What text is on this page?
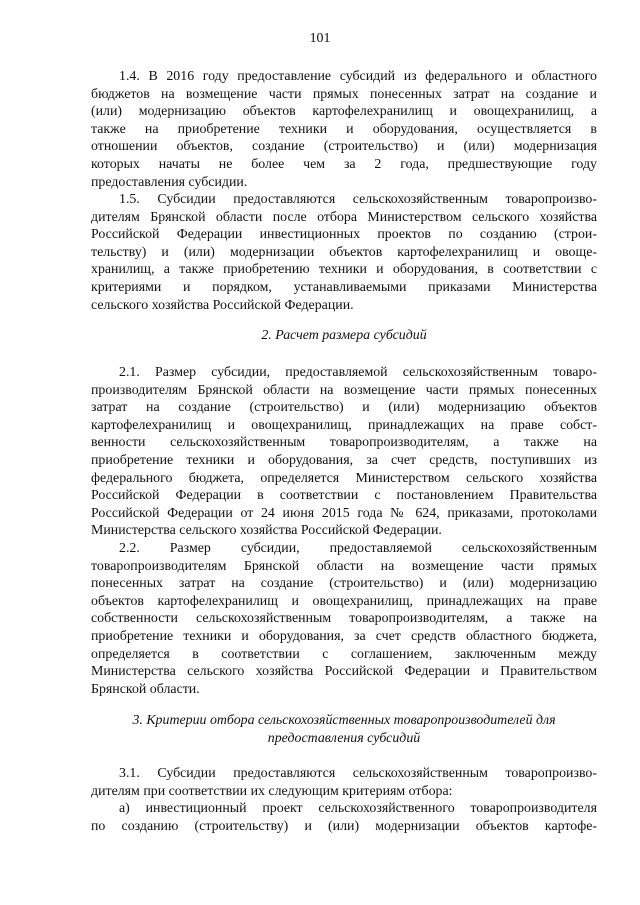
101
1.4. В 2016 году предоставление субсидий из федерального и областного
бюджетов на возмещение части прямых понесенных затрат на создание и
(или) модернизацию объектов картофелехранилищ и овощехранилищ, а
также на приобретение техники и оборудования, осуществляется в
отношении объектов, создание (строительство) и (или) модернизация
которых начаты не более чем за 2 года, предшествующие году
предоставления субсидии.
1.5. Субсидии предоставляются сельскохозяйственным товаропроизво-
дителям Брянской области после отбора Министерством сельского хозяйства
Российской Федерации инвестиционных проектов по созданию (строи-
тельству) и (или) модернизации объектов картофелехранилищ и овоще-
хранилищ, а также приобретению техники и оборудования, в соответствии с
критериями и порядком, устанавливаемыми приказами Министерства
сельского хозяйства Российской Федерации.
2. Расчет размера субсидий
2.1. Размер субсидии, предоставляемой сельскохозяйственным товаро-
производителям Брянской области на возмещение части прямых понесенных
затрат на создание (строительство) и (или) модернизацию объектов
картофелехранилищ и овощехранилищ, принадлежащих на праве собст-
венности сельскохозяйственным товаропроизводителям, а также на
приобретение техники и оборудования, за счет средств, поступивших из
федерального бюджета, определяется Министерством сельского хозяйства
Российской Федерации в соответствии с постановлением Правительства
Российской Федерации от 24 июня 2015 года № 624, приказами, протоколами
Министерства сельского хозяйства Российской Федерации.
2.2. Размер субсидии, предоставляемой сельскохозяйственным
товаропроизводителям Брянской области на возмещение части прямых
понесенных затрат на создание (строительство) и (или) модернизацию
объектов картофелехранилищ и овощехранилищ, принадлежащих на праве
собственности сельскохозяйственным товаропроизводителям, а также на
приобретение техники и оборудования, за счет средств областного бюджета,
определяется в соответствии с соглашением, заключенным между
Министерства сельского хозяйства Российской Федерации и Правительством
Брянской области.
3. Критерии отбора сельскохозяйственных товаропроизводителей для
предоставления субсидий
3.1. Субсидии предоставляются сельскохозяйственным товаропроизво-
дителям при соответствии их следующим критериям отбора:
а) инвестиционный проект сельскохозяйственного товаропроизводителя
по созданию (строительству) и (или) модернизации объектов картофе-
